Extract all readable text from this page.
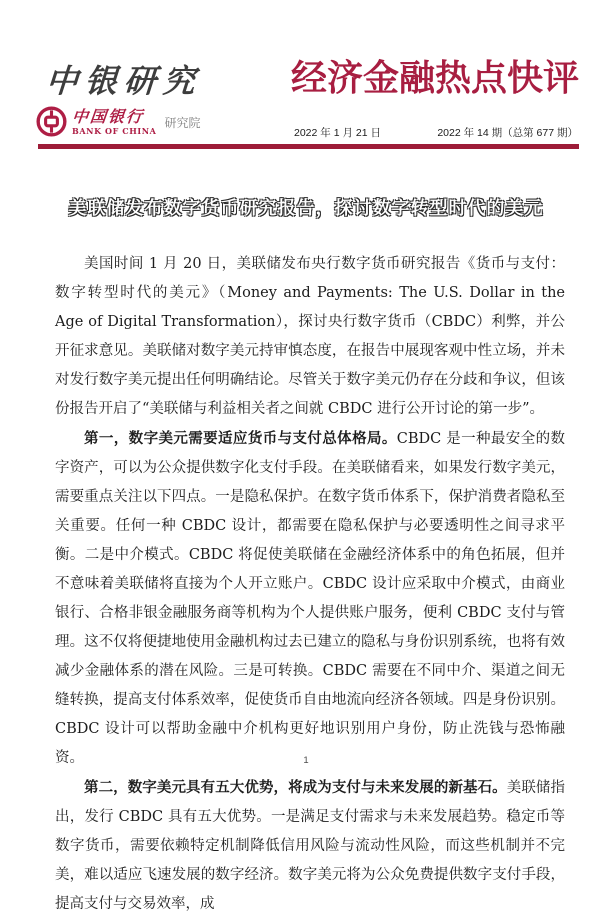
中银研究
中国银行
BANK OF CHINA
研究院
经济金融热点快评
2022 年 1 月 21 日	2022 年 14 期（总第 677 期）
美联储发布数字货币研究报告，探讨数字转型时代的美元

美国时间 1 月 20 日，美联储发布央行数字货币研究报告《货币与支付：数字转型时代的美元》（Money and Payments: The U.S. Dollar in the Age of Digital Transformation），探讨央行数字货币（CBDC）利弊，并公开征求意见。美联储对数字美元持审慎态度，在报告中展现客观中性立场，并未对发行数字美元提出任何明确结论。尽管关于数字美元仍存在分歧和争议，但该份报告开启了“美联储与利益相关者之间就 CBDC 进行公开讨论的第一步”。

第一，数字美元需要适应货币与支付总体格局。CBDC 是一种最安全的数字资产，可以为公众提供数字化支付手段。在美联储看来，如果发行数字美元，需要重点关注以下四点。一是隐私保护。在数字货币体系下，保护消费者隐私至关重要。任何一种 CBDC 设计，都需要在隐私保护与必要透明性之间寻求平衡。二是中介模式。CBDC 将促使美联储在金融经济体系中的角色拓展，但并不意味着美联储将直接为个人开立账户。CBDC 设计应采取中介模式，由商业银行、合格非银金融服务商等机构为个人提供账户服务，便利 CBDC 支付与管理。这不仅将便捷地使用金融机构过去已建立的隐私与身份识别系统，也将有效减少金融体系的潜在风险。三是可转换。CBDC 需要在不同中介、渠道之间无缝转换，提高支付体系效率，促使货币自由地流向经济各领域。四是身份识别。CBDC 设计可以帮助金融中介机构更好地识别用户身份，防止洗钱与恐怖融资。

第二，数字美元具有五大优势，将成为支付与未来发展的新基石。美联储指出，发行 CBDC 具有五大优势。一是满足支付需求与未来发展趋势。稳定币等数字货币，需要依赖特定机制降低信用风险与流动性风险，而这些机制并不完美，难以适应飞速发展的数字经济。数字美元将为公众免费提供数字支付手段，提高支付与交易效率，成

1
